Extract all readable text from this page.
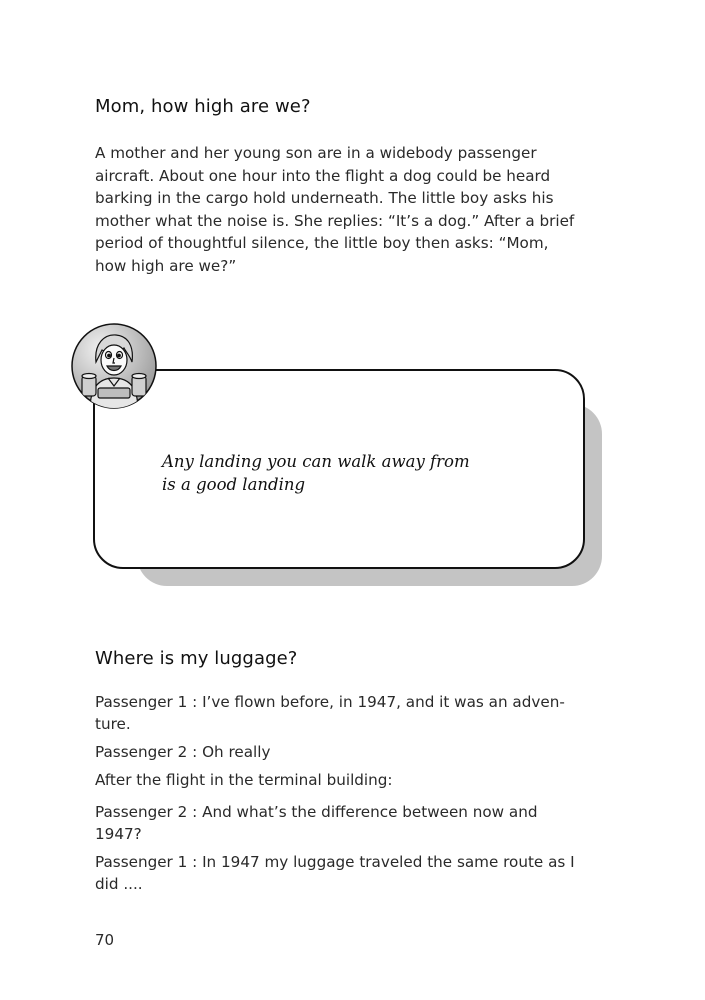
Mom, how high are we?

A mother and her young son are in a widebody passenger aircraft. About one hour into the flight a dog could be heard barking in the cargo hold underneath. The little boy asks his mother what the noise is. She replies: “It’s a dog.” After a brief period of thoughtful silence, the little boy then asks: “Mom, how high are we?”

Any landing you can walk away from
is a good landing

Where is my luggage?

Passenger 1 : I’ve flown before, in 1947, and it was an adven-ture.

Passenger 2 : Oh really

After the flight in the terminal building:

Passenger 2 : And what’s the difference between now and 1947?

Passenger 1 : In 1947 my luggage traveled the same route as I did ....

70
